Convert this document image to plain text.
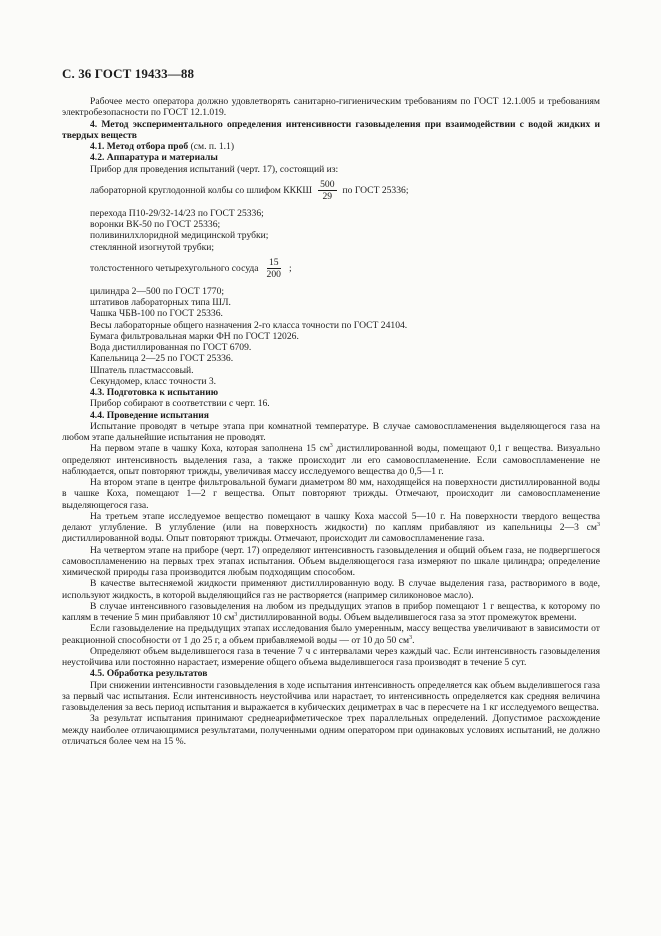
С. 36 ГОСТ 19433—88

Рабочее место оператора должно удовлетворять санитарно-гигиеническим требованиям по ГОСТ 12.1.005 и требованиям электробезопасности по ГОСТ 12.1.019.

4. Метод экспериментального определения интенсивности газовыделения при взаимодействии с водой жидких и твердых веществ

4.1. Метод отбора проб (см. п. 1.1)

4.2. Аппаратура и материалы

Прибор для проведения испытаний (черт. 17), состоящий из:

лабораторной круглодонной колбы со шлифом КККШ $\frac{500}{29}$ по ГОСТ 25336;

перехода П10-29/32-14/23 по ГОСТ 25336;

воронки ВК-50 по ГОСТ 25336;

поливинилхлоридной медицинской трубки;

стеклянной изогнутой трубки;

толстостенного четырехугольного сосуда $\frac{15}{200}$ ;

цилиндра 2—500 по ГОСТ 1770;

штативов лабораторных типа ШЛ.

Чашка ЧБВ-100 по ГОСТ 25336.

Весы лабораторные общего назначения 2-го класса точности по ГОСТ 24104.

Бумага фильтровальная марки ФН по ГОСТ 12026.

Вода дистиллированная по ГОСТ 6709.

Капельница 2—25 по ГОСТ 25336.

Шпатель пластмассовый.

Секундомер, класс точности 3.

4.3. Подготовка к испытанию

Прибор собирают в соответствии с черт. 16.

4.4. Проведение испытания

Испытание проводят в четыре этапа при комнатной температуре. В случае самовоспламенения выделяющегося газа на любом этапе дальнейшие испытания не проводят.

На первом этапе в чашку Коха, которая заполнена 15 $см^3$ дистиллированной воды, помещают 0,1 г вещества. Визуально определяют интенсивность выделения газа, а также происходит ли его самовоспламенение. Если самовоспламенение не наблюдается, опыт повторяют трижды, увеличивая массу исследуемого вещества до 0,5—1 г.

На втором этапе в центре фильтровальной бумаги диаметром 80 мм, находящейся на поверхности дистиллированной воды в чашке Коха, помещают 1—2 г вещества. Опыт повторяют трижды. Отмечают, происходит ли самовоспламенение выделяющегося газа.

На третьем этапе исследуемое вещество помещают в чашку Коха массой 5—10 г. На поверхности твердого вещества делают углубление. В углубление (или на поверхность жидкости) по каплям прибавляют из капельницы 2—3 $см^3$ дистиллированной воды. Опыт повторяют трижды. Отмечают, происходит ли самовоспламенение газа.

На четвертом этапе на приборе (черт. 17) определяют интенсивность газовыделения и общий объем газа, не подвергшегося самовоспламенению на первых трех этапах испытания. Объем выделяющегося газа измеряют по шкале цилиндра; определение химической природы газа производится любым подходящим способом.

В качестве вытесняемой жидкости применяют дистиллированную воду. В случае выделения газа, растворимого в воде, используют жидкость, в которой выделяющийся газ не растворяется (например силиконовое масло).

В случае интенсивного газовыделения на любом из предыдущих этапов в прибор помещают 1 г вещества, к которому по каплям в течение 5 мин прибавляют 10 $см^3$ дистиллированной воды. Объем выделившегося газа за этот промежуток времени.

Если газовыделение на предыдущих этапах исследования было умеренным, массу вещества увеличивают в зависимости от реакционной способности от 1 до 25 г, а объем прибавляемой воды — от 10 до 50 $см^3$.

Определяют объем выделившегося газа в течение 7 ч с интервалами через каждый час. Если интенсивность газовыделения неустойчива или постоянно нарастает, измерение общего объема выделившегося газа производят в течение 5 сут.

4.5. Обработка результатов

При снижении интенсивности газовыделения в ходе испытания интенсивность определяется как объем выделившегося газа за первый час испытания. Если интенсивность неустойчива или нарастает, то интенсивность определяется как средняя величина газовыделения за весь период испытания и выражается в кубических дециметрах в час в пересчете на 1 кг исследуемого вещества.

За результат испытания принимают среднеарифметическое трех параллельных определений. Допустимое расхождение между наиболее отличающимися результатами, полученными одним оператором при одинаковых условиях испытаний, не должно отличаться более чем на 15 %.
